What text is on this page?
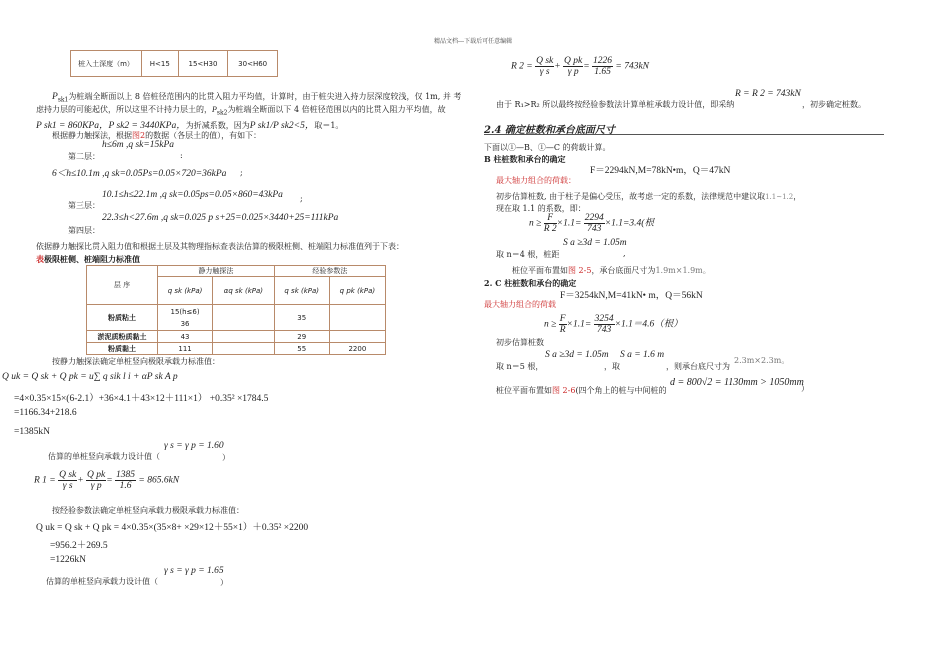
精品文档---下载后可任意编辑
桩入土深度（m）	H<15	15<H30	30<H60
$P_{sk1}$为桩端全断面以上 8 倍桩径范围内的比贯入阻力平均值，计算时，由于桩尖进入持力层深度较浅，仅 1m, 并 考
虑持力层的可能起伏，所以这里不计持力层土的，$P_{sk2}$为桩端全断面以下 4 倍桩径范围以内的比贯入阻力平均值，故
P sk1 = 860KPa，P sk2 = 3440KPa，为折减系数，因为P sk1/P sk2<5，取＝1。
根据静力触探法，根据图2的数据（各层土的值），有如下：
h≤6m ,q sk=15kPa
第二层：	:
6＜h≤10.1m ,q sk=0.05Ps=0.05×720=36kPa ;
10.1≤h≤22.1m ,q sk=0.05ps=0.05×860=43kPa
第三层：
;
22.3≤h<27.6m ,q sk=0.025 p s+25=0.025×3440+25=111kPa
第四层：
依据静力触探比贯入阻力值和根据土层及其物理指标查表法估算的极限桩侧、桩端阻力标准值列于下表：
表极限桩侧、桩端阻力标准值
层 序	静力触探法		经验参数法	
	q sk (kPa)	αq sk (kPa)	q sk (kPa)	q pk (kPa)
粉质粘土	15(h≤6)
36		35	
淤泥质粉质黏土	43		29	
粉质黏土	111		55	2200
按静力触探法确定单桩竖向极限承载力标准值：
Q uk = Q sk + Q pk = u∑ q sik l i + αP sk A p
=4×0.35×15×(6-2.1）+36×4.1＋43×12＋111×1） +0.35² ×1784.5
=1166.34+218.6
=1385kN
估算的单桩竖向承载力设计值（
γ s = γ p = 1.60
）
R $1 = \frac{\text{Q sk}}{\text{γ s}} + \frac{\text{Q pk}}{\text{γ p}} = \frac{1385}{1.6} = 865.6kN$
按经验参数法确定单桩竖向承载力极限承载力标准值：
Q uk = Q sk + Q pk = 4×0.35×(35×8+ ×29×12＋55×1）＋0.35² ×2200
=956.2＋269.5
=1226kN
估算的单桩竖向承载力设计值（
γ s = γ p = 1.65
）
R $2 = \frac{\text{Q sk}}{\text{γ s}} + \frac{\text{Q pk}}{\text{γ p}} = \frac{1226}{1.65} = 743kN$
R = R 2 = 743kN
由于 R₁>R₂ 所以最终按经验参数法计算单桩承载力设计值，即采纳	，初步确定桩数。
2.4 确定桩数和承台底面尺寸
下面以①—B、①—C 的荷载计算。
B 柱桩数和承台的确定
F＝2294kN,M=78kN•m，Q＝47kN
最大轴力组合的荷载：
初步估算桩数, 由于柱子是偏心受压，故考虑一定的系数，法律规范中建议取1.1~1.2，
现在取 1.1 的系数，即：
$n \ge \frac{F}{R 2} \times 1.1= \frac{2294}{743} \times 1.1=3.4$(根
S a ≥3d = 1.05m
取 n＝4 根，桩距	,
桩位平面布置如图 2-5，承台底面尺寸为1.9m×1.9m。
2. C 柱桩数和承台的确定
F＝3254kN,M=41kN• m，Q＝56kN
最大轴力组合的荷载
$n \ge \frac{F}{R} \times 1.1= \frac{3254}{743} \times 1.1=4.6$（根）
初步估算桩数
S a ≥3d = 1.05m S a = 1.6 m
取 n＝5 根，	，取	，则承台底尺寸为
2.3m×2.3m。
桩位平面布置如图 2-6(四个角上的桩与中间桩的
d = 800√2 = 1130mm > 1050mm
）
